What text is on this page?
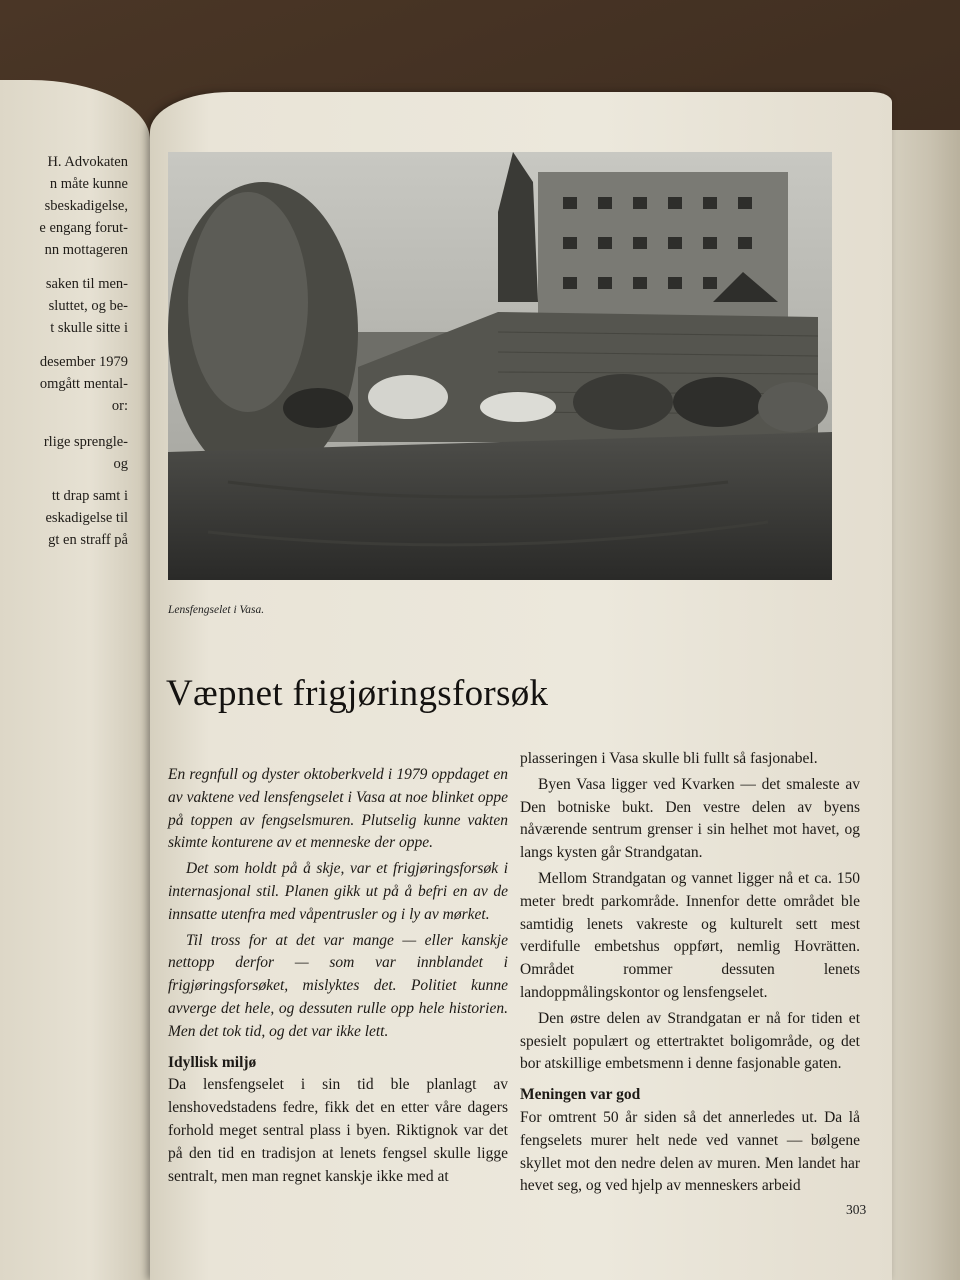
H. Advokaten
n måte kunne
sbeskadigelse,
e engang forut-
nn mottageren
saken til men-
sluttet, og be-
t skulle sitte i
desember 1979
omgått mental-
or:
rlige sprengle-
og
tt drap samt i
eskadigelse til
gt en straff på
Lensfengselet i Vasa.
Væpnet frigjøringsforsøk

En regnfull og dyster oktoberkveld i 1979 oppdaget en av vaktene ved lensfengselet i Vasa at noe blinket oppe på toppen av fengselsmuren. Plutselig kunne vakten skimte konturene av et menneske der oppe.

Det som holdt på å skje, var et frigjøringsforsøk i internasjonal stil. Planen gikk ut på å befri en av de innsatte utenfra med våpentrusler og i ly av mørket.

Til tross for at det var mange — eller kanskje nettopp derfor — som var innblandet i frigjøringsforsøket, mislyktes det. Politiet kunne avverge det hele, og dessuten rulle opp hele historien. Men det tok tid, og det var ikke lett.

Idyllisk miljø

Da lensfengselet i sin tid ble planlagt av lenshovedstadens fedre, fikk det en etter våre dagers forhold meget sentral plass i byen. Riktignok var det på den tid en tradisjon at lenets fengsel skulle ligge sentralt, men man regnet kanskje ikke med at

plasseringen i Vasa skulle bli fullt så fasjonabel.

Byen Vasa ligger ved Kvarken — det smaleste av Den botniske bukt. Den vestre delen av byens nåværende sentrum grenser i sin helhet mot havet, og langs kysten går Strandgatan.

Mellom Strandgatan og vannet ligger nå et ca. 150 meter bredt parkområde. Innenfor dette området ble samtidig lenets vakreste og kulturelt sett mest verdifulle embetshus oppført, nemlig Hovrätten. Området rommer dessuten lenets landoppmålingskontor og lensfengselet.

Den østre delen av Strandgatan er nå for tiden et spesielt populært og ettertraktet boligområde, og det bor atskillige embetsmenn i denne fasjonable gaten.

Meningen var god

For omtrent 50 år siden så det annerledes ut. Da lå fengselets murer helt nede ved vannet — bølgene skyllet mot den nedre delen av muren. Men landet har hevet seg, og ved hjelp av menneskers arbeid

303
